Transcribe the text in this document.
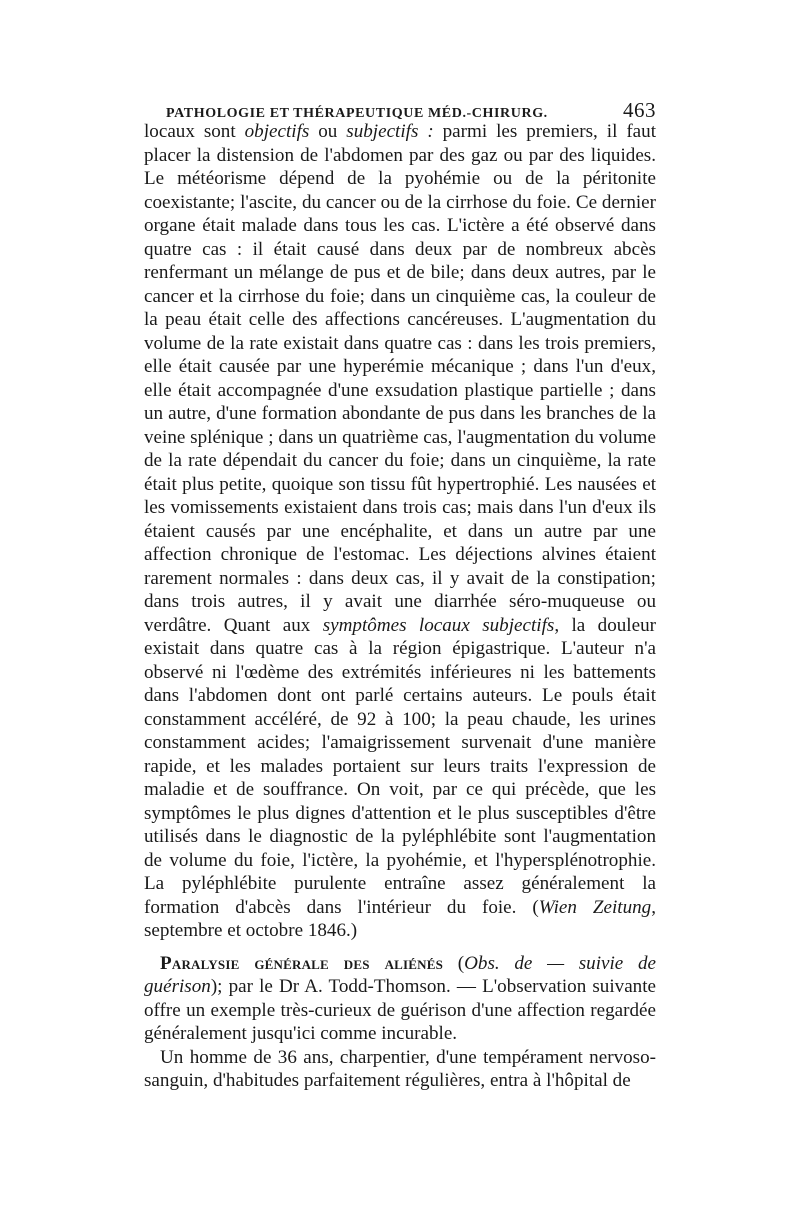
PATHOLOGIE ET THÉRAPEUTIQUE MÉD.-CHIRURG.	463

locaux sont objectifs ou subjectifs : parmi les premiers, il faut placer la distension de l'abdomen par des gaz ou par des liquides. Le météorisme dépend de la pyohémie ou de la péritonite coexistante; l'ascite, du cancer ou de la cirrhose du foie. Ce dernier organe était malade dans tous les cas. L'ictère a été observé dans quatre cas : il était causé dans deux par de nombreux abcès renfermant un mélange de pus et de bile; dans deux autres, par le cancer et la cirrhose du foie; dans un cinquième cas, la couleur de la peau était celle des affections cancéreuses. L'augmentation du volume de la rate existait dans quatre cas : dans les trois premiers, elle était causée par une hyperémie mécanique ; dans l'un d'eux, elle était accompagnée d'une exsudation plastique partielle ; dans un autre, d'une formation abondante de pus dans les branches de la veine splénique ; dans un quatrième cas, l'augmentation du volume de la rate dépendait du cancer du foie; dans un cinquième, la rate était plus petite, quoique son tissu fût hypertrophié. Les nausées et les vomissements existaient dans trois cas; mais dans l'un d'eux ils étaient causés par une encéphalite, et dans un autre par une affection chronique de l'estomac. Les déjections alvines étaient rarement normales : dans deux cas, il y avait de la constipation; dans trois autres, il y avait une diarrhée séro-muqueuse ou verdâtre. Quant aux symptômes locaux subjectifs, la douleur existait dans quatre cas à la région épigastrique. L'auteur n'a observé ni l'œdème des extrémités inférieures ni les battements dans l'abdomen dont ont parlé certains auteurs. Le pouls était constamment accéléré, de 92 à 100; la peau chaude, les urines constamment acides; l'amaigrissement survenait d'une manière rapide, et les malades portaient sur leurs traits l'expression de maladie et de souffrance. On voit, par ce qui précède, que les symptômes le plus dignes d'attention et le plus susceptibles d'être utilisés dans le diagnostic de la pyléphlébite sont l'augmentation de volume du foie, l'ictère, la pyohémie, et l'hypersplénotrophie. La pyléphlébite purulente entraîne assez généralement la formation d'abcès dans l'intérieur du foie. (Wien Zeitung, septembre et octobre 1846.)

Paralysie générale des aliénés (Obs. de — suivie de guérison); par le Dr A. Todd-Thomson. — L'observation suivante offre un exemple très-curieux de guérison d'une affection regardée généralement jusqu'ici comme incurable.

Un homme de 36 ans, charpentier, d'une tempérament nervoso-sanguin, d'habitudes parfaitement régulières, entra à l'hôpital de
